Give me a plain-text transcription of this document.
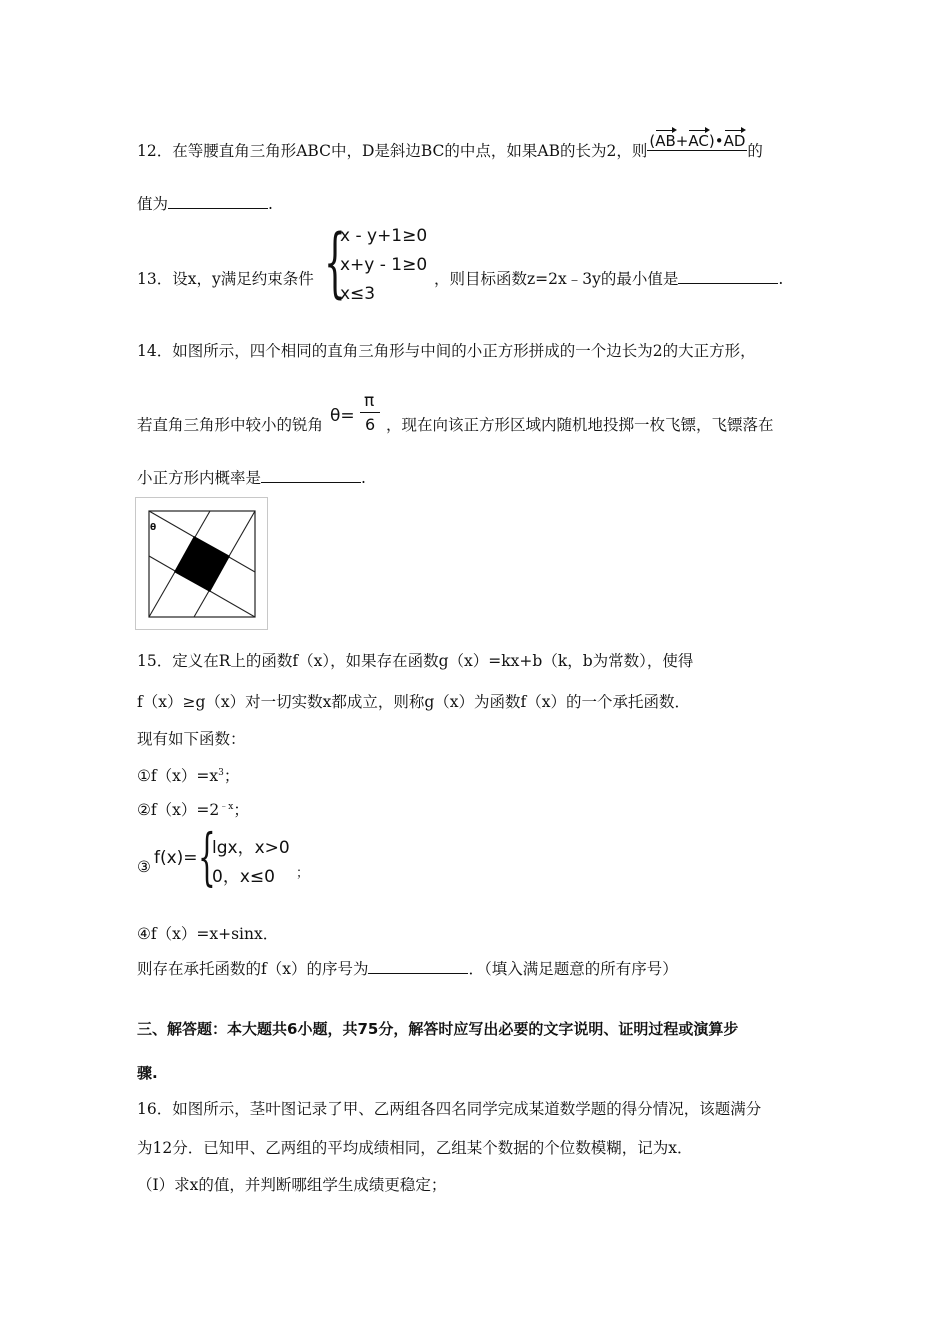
12．在等腰直角三角形ABC中，D是斜边BC的中点，如果AB的长为2，则(AB+AC)•AD的
值为	.
13．设x，y满足约束条件 {
x - y+1≥0
x+y - 1≥0
x≤3
，则目标函数z=2x﹣3y的最小值是	.
14．如图所示，四个相同的直角三角形与中间的小正方形拼成的一个边长为2的大正方形，
若直角三角形中较小的锐角 θ=
π
6 ，现在向该正方形区域内随机地投掷一枚飞镖，飞镖落在
小正方形内概率是	.
θ
15．定义在R上的函数f（x），如果存在函数g（x）=kx+b（k，b为常数），使得
f（x）≥g（x）对一切实数x都成立，则称g（x）为函数f（x）的一个承托函数．
现有如下函数：
$①f(x)=x^3$；
$②f(x)=2^{﹣x}$；
③ f(x)= {
lgx，x>0
0，x≤0 ；
④f（x）=x+sinx．
则存在承托函数的f（x）的序号为	．（填入满足题意的所有序号）
三、解答题：本大题共6小题，共75分，解答时应写出必要的文字说明、证明过程或演算步
骤.
16．如图所示，茎叶图记录了甲、乙两组各四名同学完成某道数学题的得分情况，该题满分
为12分．已知甲、乙两组的平均成绩相同，乙组某个数据的个位数模糊，记为x．
（Ⅰ）求x的值，并判断哪组学生成绩更稳定；
